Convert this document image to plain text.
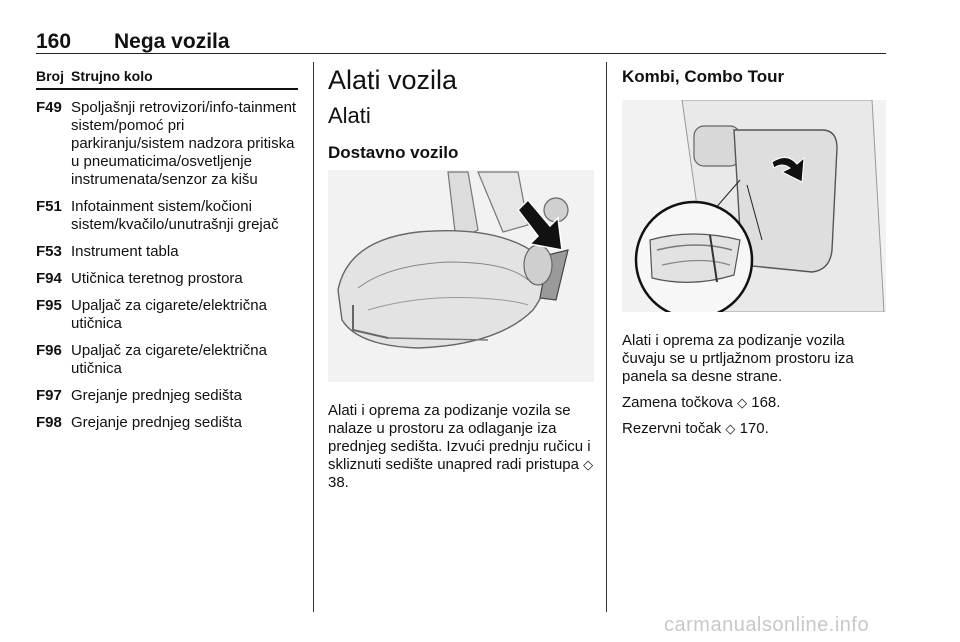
160 Nega vozila
Broj Strujno kolo
F49 Spoljašnji retrovizori/info-tainment sistem/pomoć pri parkiranju/sistem nadzora pritiska u pneumaticima/osvetljenje instrumenata/senzor za kišu
F51 Infotainment sistem/kočioni sistem/kvačilo/unutrašnji grejač
F53 Instrument tabla
F94 Utičnica teretnog prostora
F95 Upaljač za cigarete/električna utičnica
F96 Upaljač za cigarete/električna utičnica
F97 Grejanje prednjeg sedišta
F98 Grejanje prednjeg sedišta
Alati vozila
Alati
Dostavno vozilo

Alati i oprema za podizanje vozila se nalaze u prostoru za odlaganje iza prednjeg sedišta. Izvući prednju ručicu i skliznuti sedište unapred radi pristupa ◇ 38.

Kombi, Combo Tour

Alati i oprema za podizanje vozila čuvaju se u prtljažnom prostoru iza panela sa desne strane.

Zamena točkova ◇ 168.

Rezervni točak ◇ 170.

carmanualsonline.info
